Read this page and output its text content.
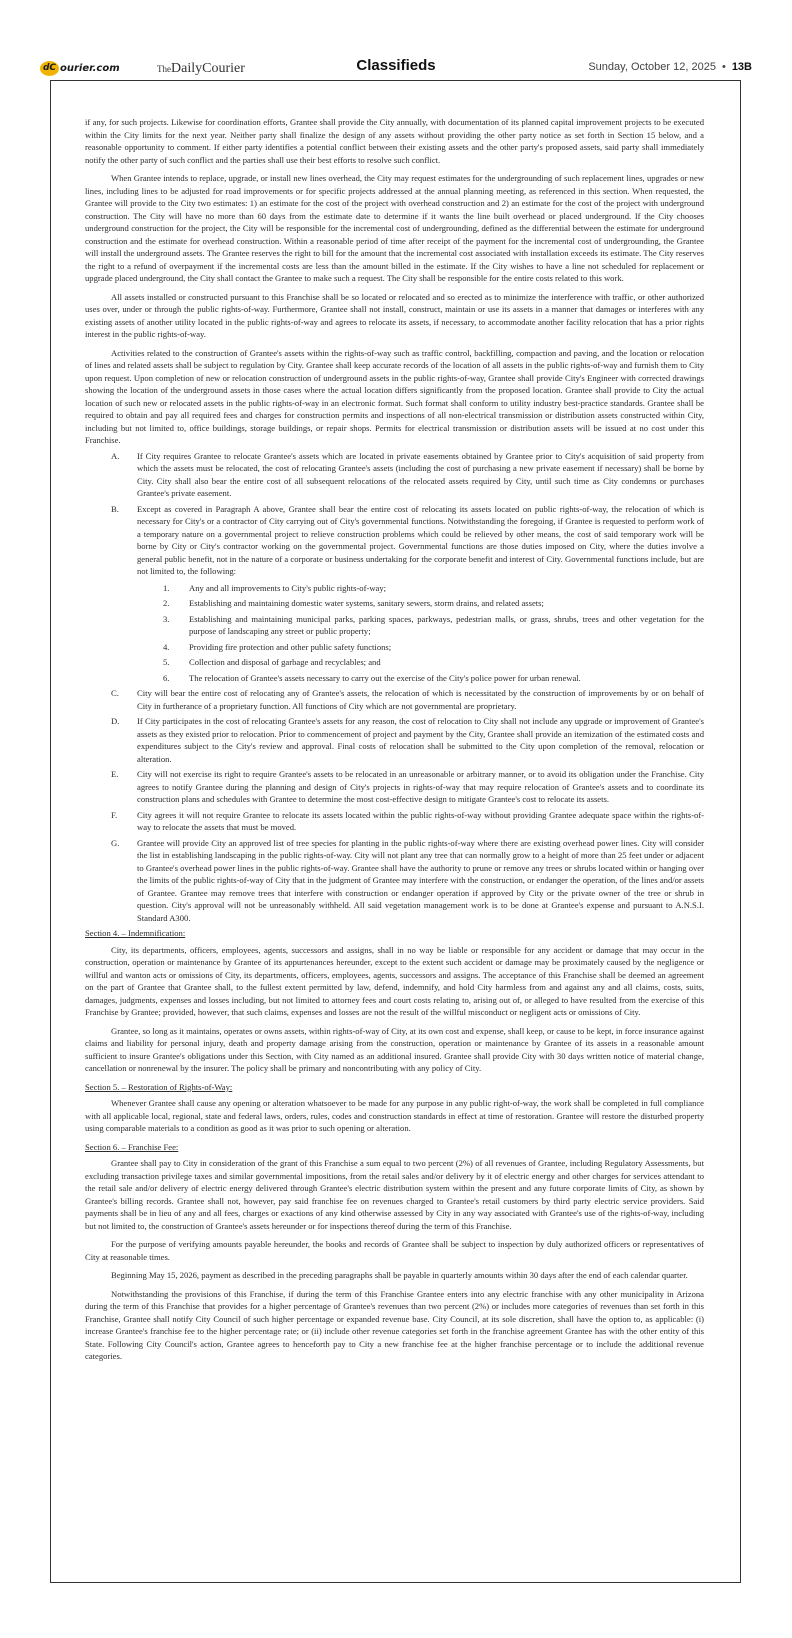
dC ourier.com	TheDailyCourier	Classifieds	Sunday, October 12, 2025 • 13B

if any, for such projects. Likewise for coordination efforts, Grantee shall provide the City annually, with documentation of its planned capital improvement projects to be executed within the City limits for the next year. Neither party shall finalize the design of any assets without providing the other party notice as set forth in Section 15 below, and a reasonable opportunity to comment. If either party identifies a potential conflict between their existing assets and the other party's proposed assets, said party shall immediately notify the other party of such conflict and the parties shall use their best efforts to resolve such conflict.

When Grantee intends to replace, upgrade, or install new lines overhead, the City may request estimates for the undergrounding of such replacement lines, upgrades or new lines, including lines to be adjusted for road improvements or for specific projects addressed at the annual planning meeting, as referenced in this section. When requested, the Grantee will provide to the City two estimates: 1) an estimate for the cost of the project with overhead construction and 2) an estimate for the cost of the project with underground construction. The City will have no more than 60 days from the estimate date to determine if it wants the line built overhead or placed underground. If the City chooses underground construction for the project, the City will be responsible for the incremental cost of undergrounding, defined as the differential between the estimate for underground construction and the estimate for overhead construction. Within a reasonable period of time after receipt of the payment for the incremental cost of undergrounding, the Grantee will install the underground assets. The Grantee reserves the right to bill for the amount that the incremental cost associated with installation exceeds its estimate. The City reserves the right to a refund of overpayment if the incremental costs are less than the amount billed in the estimate. If the City wishes to have a line not scheduled for replacement or upgrade placed underground, the City shall contact the Grantee to make such a request. The City shall be responsible for the entire costs related to this work.

All assets installed or constructed pursuant to this Franchise shall be so located or relocated and so erected as to minimize the interference with traffic, or other authorized uses over, under or through the public rights-of-way. Furthermore, Grantee shall not install, construct, maintain or use its assets in a manner that damages or interferes with any existing assets of another utility located in the public rights-of-way and agrees to relocate its assets, if necessary, to accommodate another facility relocation that has a prior rights interest in the public rights-of-way.

Activities related to the construction of Grantee's assets within the rights-of-way such as traffic control, backfilling, compaction and paving, and the location or relocation of lines and related assets shall be subject to regulation by City. Grantee shall keep accurate records of the location of all assets in the public rights-of-way and furnish them to City upon request. Upon completion of new or relocation construction of underground assets in the public rights-of-way, Grantee shall provide City's Engineer with corrected drawings showing the location of the underground assets in those cases where the actual location differs significantly from the proposed location. Grantee shall provide to City the actual location of such new or relocated assets in the public rights-of-way in an electronic format. Such format shall conform to utility industry best-practice standards. Grantee shall be required to obtain and pay all required fees and charges for construction permits and inspections of all non-electrical transmission or distribution assets constructed within City, including but not limited to, office buildings, storage buildings, or repair shops. Permits for electrical transmission or distribution assets will be issued at no cost under this Franchise.

A. If City requires Grantee to relocate Grantee's assets which are located in private easements obtained by Grantee prior to City's acquisition of said property from which the assets must be relocated, the cost of relocating Grantee's assets (including the cost of purchasing a new private easement if necessary) shall be borne by City. City shall also bear the entire cost of all subsequent relocations of the relocated assets required by City, until such time as City condemns or purchases Grantee's private easement.
B. Except as covered in Paragraph A above, Grantee shall bear the entire cost of relocating its assets located on public rights-of-way, the relocation of which is necessary for City's or a contractor of City carrying out of City's governmental functions. Notwithstanding the foregoing, if Grantee is requested to perform work of a temporary nature on a governmental project to relieve construction problems which could be relieved by other means, the cost of said temporary work will be borne by City or City's contractor working on the governmental project. Governmental functions are those duties imposed on City, where the duties involve a general public benefit, not in the nature of a corporate or business undertaking for the corporate benefit and interest of City. Governmental functions include, but are not limited to, the following:
1. Any and all improvements to City's public rights-of-way;
2. Establishing and maintaining domestic water systems, sanitary sewers, storm drains, and related assets;
3. Establishing and maintaining municipal parks, parking spaces, parkways, pedestrian malls, or grass, shrubs, trees and other vegetation for the purpose of landscaping any street or public property;
4. Providing fire protection and other public safety functions;
5. Collection and disposal of garbage and recyclables; and
6. The relocation of Grantee's assets necessary to carry out the exercise of the City's police power for urban renewal.
C. City will bear the entire cost of relocating any of Grantee's assets, the relocation of which is necessitated by the construction of improvements by or on behalf of City in furtherance of a proprietary function. All functions of City which are not governmental are proprietary.
D. If City participates in the cost of relocating Grantee's assets for any reason, the cost of relocation to City shall not include any upgrade or improvement of Grantee's assets as they existed prior to relocation. Prior to commencement of project and payment by the City, Grantee shall provide an itemization of the estimated costs and expenditures subject to the City's review and approval. Final costs of relocation shall be submitted to the City upon completion of the removal, relocation or alteration.
E. City will not exercise its right to require Grantee's assets to be relocated in an unreasonable or arbitrary manner, or to avoid its obligation under the Franchise. City agrees to notify Grantee during the planning and design of City's projects in rights-of-way that may require relocation of Grantee's assets and to coordinate its construction plans and schedules with Grantee to determine the most cost-effective design to mitigate Grantee's cost to relocate its assets.
F. City agrees it will not require Grantee to relocate its assets located within the public rights-of-way without providing Grantee adequate space within the rights-of-way to relocate the assets that must be moved.
G. Grantee will provide City an approved list of tree species for planting in the public rights-of-way where there are existing overhead power lines. City will consider the list in establishing landscaping in the public rights-of-way. City will not plant any tree that can normally grow to a height of more than 25 feet under or adjacent to Grantee's overhead power lines in the public rights-of-way. Grantee shall have the authority to prune or remove any trees or shrubs located within or hanging over the limits of the public rights-of-way of City that in the judgment of Grantee may interfere with the construction, or endanger the operation, of the lines and/or assets of Grantee. Grantee may remove trees that interfere with construction or endanger operation if approved by City or the private owner of the tree or shrub in question. City's approval will not be unreasonably withheld. All said vegetation management work is to be done at Grantee's expense and pursuant to A.N.S.I. Standard A300.
Section 4. – Indemnification:

City, its departments, officers, employees, agents, successors and assigns, shall in no way be liable or responsible for any accident or damage that may occur in the construction, operation or maintenance by Grantee of its appurtenances hereunder, except to the extent such accident or damage may be proximately caused by the negligence or willful and wanton acts or omissions of City, its departments, officers, employees, agents, successors and assigns. The acceptance of this Franchise shall be deemed an agreement on the part of Grantee that Grantee shall, to the fullest extent permitted by law, defend, indemnify, and hold City harmless from and against any and all claims, costs, suits, damages, judgments, expenses and losses including, but not limited to attorney fees and court costs relating to, arising out of, or alleged to have resulted from the exercise of this Franchise by Grantee; provided, however, that such claims, expenses and losses are not the result of the willful misconduct or negligent acts or omissions of City.

Grantee, so long as it maintains, operates or owns assets, within rights-of-way of City, at its own cost and expense, shall keep, or cause to be kept, in force insurance against claims and liability for personal injury, death and property damage arising from the construction, operation or maintenance by Grantee of its assets in a reasonable amount sufficient to insure Grantee's obligations under this Section, with City named as an additional insured. Grantee shall provide City with 30 days written notice of material change, cancellation or nonrenewal by the insurer. The policy shall be primary and noncontributing with any policy of City.

Section 5. – Restoration of Rights-of-Way:

Whenever Grantee shall cause any opening or alteration whatsoever to be made for any purpose in any public right-of-way, the work shall be completed in full compliance with all applicable local, regional, state and federal laws, orders, rules, codes and construction standards in effect at time of restoration. Grantee will restore the disturbed property using comparable materials to a condition as good as it was prior to such opening or alteration.

Section 6. – Franchise Fee:

Grantee shall pay to City in consideration of the grant of this Franchise a sum equal to two percent (2%) of all revenues of Grantee, including Regulatory Assessments, but excluding transaction privilege taxes and similar governmental impositions, from the retail sales and/or delivery by it of electric energy and other charges for services attendant to the retail sale and/or delivery of electric energy delivered through Grantee's electric distribution system within the present and any future corporate limits of City, as shown by Grantee's billing records. Grantee shall not, however, pay said franchise fee on revenues charged to Grantee's retail customers by third party electric service providers. Said payments shall be in lieu of any and all fees, charges or exactions of any kind otherwise assessed by City in any way associated with Grantee's use of the rights-of-way, including but not limited to, the construction of Grantee's assets hereunder or for inspections thereof during the term of this Franchise.

For the purpose of verifying amounts payable hereunder, the books and records of Grantee shall be subject to inspection by duly authorized officers or representatives of City at reasonable times.

Beginning May 15, 2026, payment as described in the preceding paragraphs shall be payable in quarterly amounts within 30 days after the end of each calendar quarter.

Notwithstanding the provisions of this Franchise, if during the term of this Franchise Grantee enters into any electric franchise with any other municipality in Arizona during the term of this Franchise that provides for a higher percentage of Grantee's revenues than two percent (2%) or includes more categories of revenues than set forth in this Franchise, Grantee shall notify City Council of such higher percentage or expanded revenue base. City Council, at its sole discretion, shall have the option to, as applicable: (i) increase Grantee's franchise fee to the higher percentage rate; or (ii) include other revenue categories set forth in the franchise agreement Grantee has with the other entity of this State. Following City Council's action, Grantee agrees to henceforth pay to City a new franchise fee at the higher franchise percentage or to include the additional revenue categories.
